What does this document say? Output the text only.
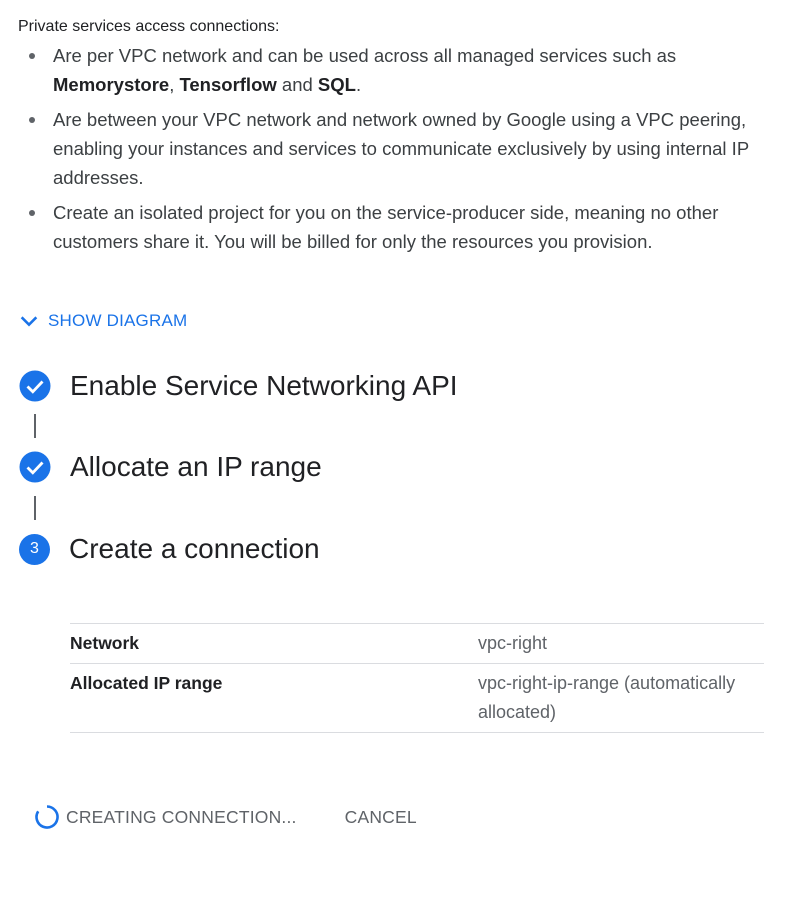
Private services access connections:
Are per VPC network and can be used across all managed services such as Memorystore, Tensorflow and SQL.
Are between your VPC network and network owned by Google using a VPC peering, enabling your instances and services to communicate exclusively by using internal IP addresses.
Create an isolated project for you on the service-producer side, meaning no other customers share it. You will be billed for only the resources you provision.
SHOW DIAGRAM
Enable Service Networking API
Allocate an IP range
3	Create a connection
Network	vpc-right
Allocated IP range	vpc-right-ip-range (automatically allocated)
CREATING CONNECTION...	CANCEL
